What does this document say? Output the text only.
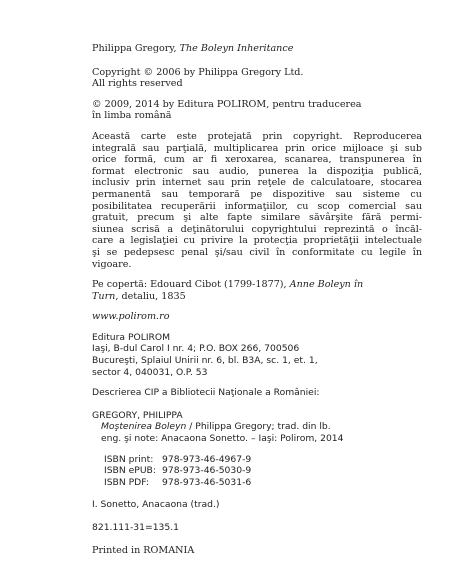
Philippa Gregory, The Boleyn Inheritance

Copyright © 2006 by Philippa Gregory Ltd.
All rights reserved

© 2009, 2014 by Editura POLIROM, pentru traducerea
în limba română

Această carte este protejată prin copyright. Reproducerea
integrală sau parţială, multiplicarea prin orice mijloace şi sub
orice formă, cum ar fi xeroxarea, scanarea, transpunerea în
format electronic sau audio, punerea la dispoziţia publică,
inclusiv prin internet sau prin reţele de calculatoare, stocarea
permanentă sau temporară pe dispozitive sau sisteme cu
posibilitatea recuperării informaţiilor, cu scop comercial sau
gratuit, precum şi alte fapte similare săvârşite fără permi-
siunea scrisă a deţinătorului copyrightului reprezintă o încăl-
care a legislaţiei cu privire la protecţia proprietăţii intelectuale
şi se pedepsesc penal şi/sau civil în conformitate cu legile în
vigoare.

Pe copertă: Edouard Cibot (1799-1877), Anne Boleyn în
Turn, detaliu, 1835

www.polirom.ro

Editura POLIROM
Iaşi, B-dul Carol I nr. 4; P.O. BOX 266, 700506
Bucureşti, Splaiul Unirii nr. 6, bl. B3A, sc. 1, et. 1,
sector 4, 040031, O.P. 53

Descrierea CIP a Bibliotecii Naţionale a României:

GREGORY, PHILIPPA
Moştenirea Boleyn / Philippa Gregory; trad. din lb.
eng. şi note: Anacaona Sonetto. – Iaşi: Polirom, 2014
ISBN print: 978-973-46-4967-9
ISBN ePUB: 978-973-46-5030-9
ISBN PDF:	978-973-46-5031-6

I. Sonetto, Anacaona (trad.)

821.111-31=135.1

Printed in ROMANIA
